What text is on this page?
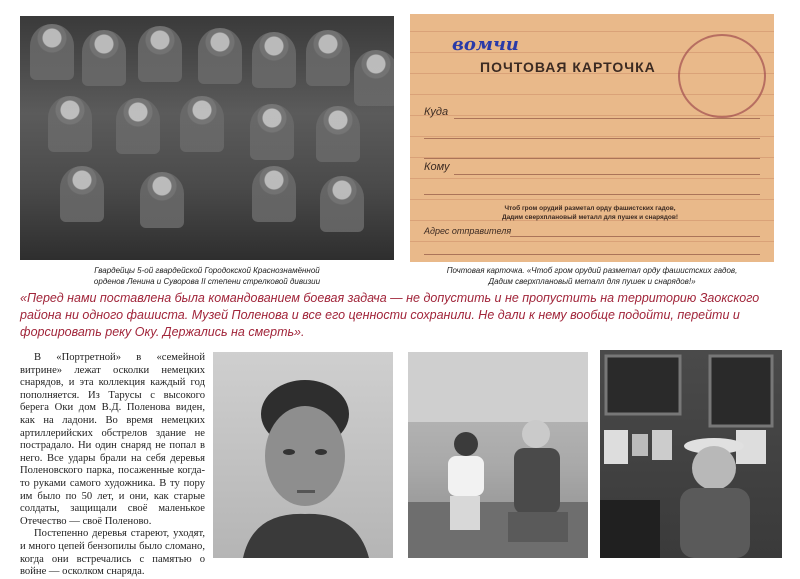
Гвардейцы 5-ой гвардейской Городокской Краснознамённой
орденов Ленина и Суворова II степени стрелковой дивизии
вомчи
ПОЧТОВАЯ КАРТОЧКА
Куда
Кому
Чтоб гром орудий разметал орду фашистских гадов,
Дадим сверхплановый металл для пушек и снарядов!
Адрес отправителя
Почтовая карточка. «Чтоб гром орудий разметал орду фашистских гадов,
Дадим сверхплановый металл для пушек и снарядов!»
«Перед нами поставлена была командованием боевая задача — не допустить и не пропустить на территорию Заокского района ни одного фашиста. Музей Поленова и все его ценности сохранили. Не дали к нему вообще подойти, перейти и форсировать реку Оку. Держались на смерть».

В «Портретной» в «семейной витрине» лежат осколки немецких снарядов, и эта коллекция каждый год пополняется. Из Тарусы с высокого берега Оки дом В.Д. Поленова виден, как на ладони. Во время немецких артиллерийских обстрелов здание не пострадало. Ни один снаряд не попал в него. Все удары брали на себя деревья Поленовского парка, посаженные когда-то руками самого художника. В ту пору им было по 50 лет, и они, как старые солдаты, защищали своё маленькое Отечество — своё Поленово.

Постепенно деревья стареют, уходят, и много цепей бензопилы было сломано, когда они встречались с памятью о войне — осколком снаряда.
